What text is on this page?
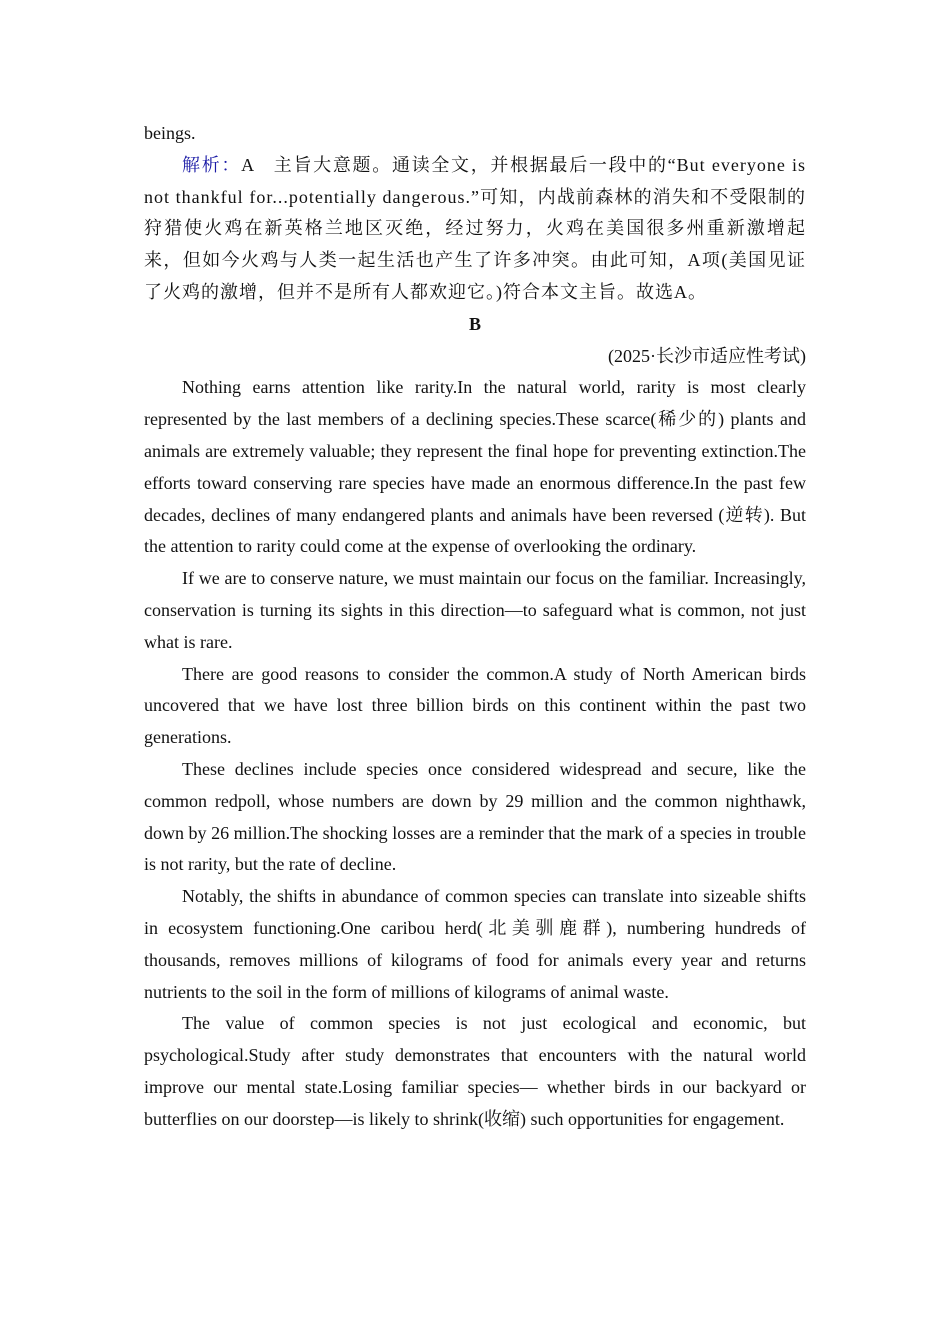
beings.

解析：A 主旨大意题。通读全文，并根据最后一段中的“But everyone is not thankful for...potentially dangerous.”可知，内战前森林的消失和不受限制的狩猎使火鸡在新英格兰地区灭绝，经过努力，火鸡在美国很多州重新激增起来，但如今火鸡与人类一起生活也产生了许多冲突。由此可知，A项(美国见证了火鸡的激增，但并不是所有人都欢迎它。)符合本文主旨。故选A。

B

(2025·长沙市适应性考试)

Nothing earns attention like rarity.In the natural world, rarity is most clearly represented by the last members of a declining species.These scarce(稀少的) plants and animals are extremely valuable; they represent the final hope for preventing extinction.The efforts toward conserving rare species have made an enormous difference.In the past few decades, declines of many endangered plants and animals have been reversed (逆转). But the attention to rarity could come at the expense of overlooking the ordinary.

If we are to conserve nature, we must maintain our focus on the familiar. Increasingly, conservation is turning its sights in this direction—to safeguard what is common, not just what is rare.

There are good reasons to consider the common.A study of North American birds uncovered that we have lost three billion birds on this continent within the past two generations.

These declines include species once considered widespread and secure, like the common redpoll, whose numbers are down by 29 million and the common nighthawk, down by 26 million.The shocking losses are a reminder that the mark of a species in trouble is not rarity, but the rate of decline.

Notably, the shifts in abundance of common species can translate into sizeable shifts in ecosystem functioning.One caribou herd(北美驯鹿群), numbering hundreds of thousands, removes millions of kilograms of food for animals every year and returns nutrients to the soil in the form of millions of kilograms of animal waste.

The value of common species is not just ecological and economic, but psychological.Study after study demonstrates that encounters with the natural world improve our mental state.Losing familiar species— whether birds in our backyard or butterflies on our doorstep—is likely to shrink(收缩) such opportunities for engagement.
